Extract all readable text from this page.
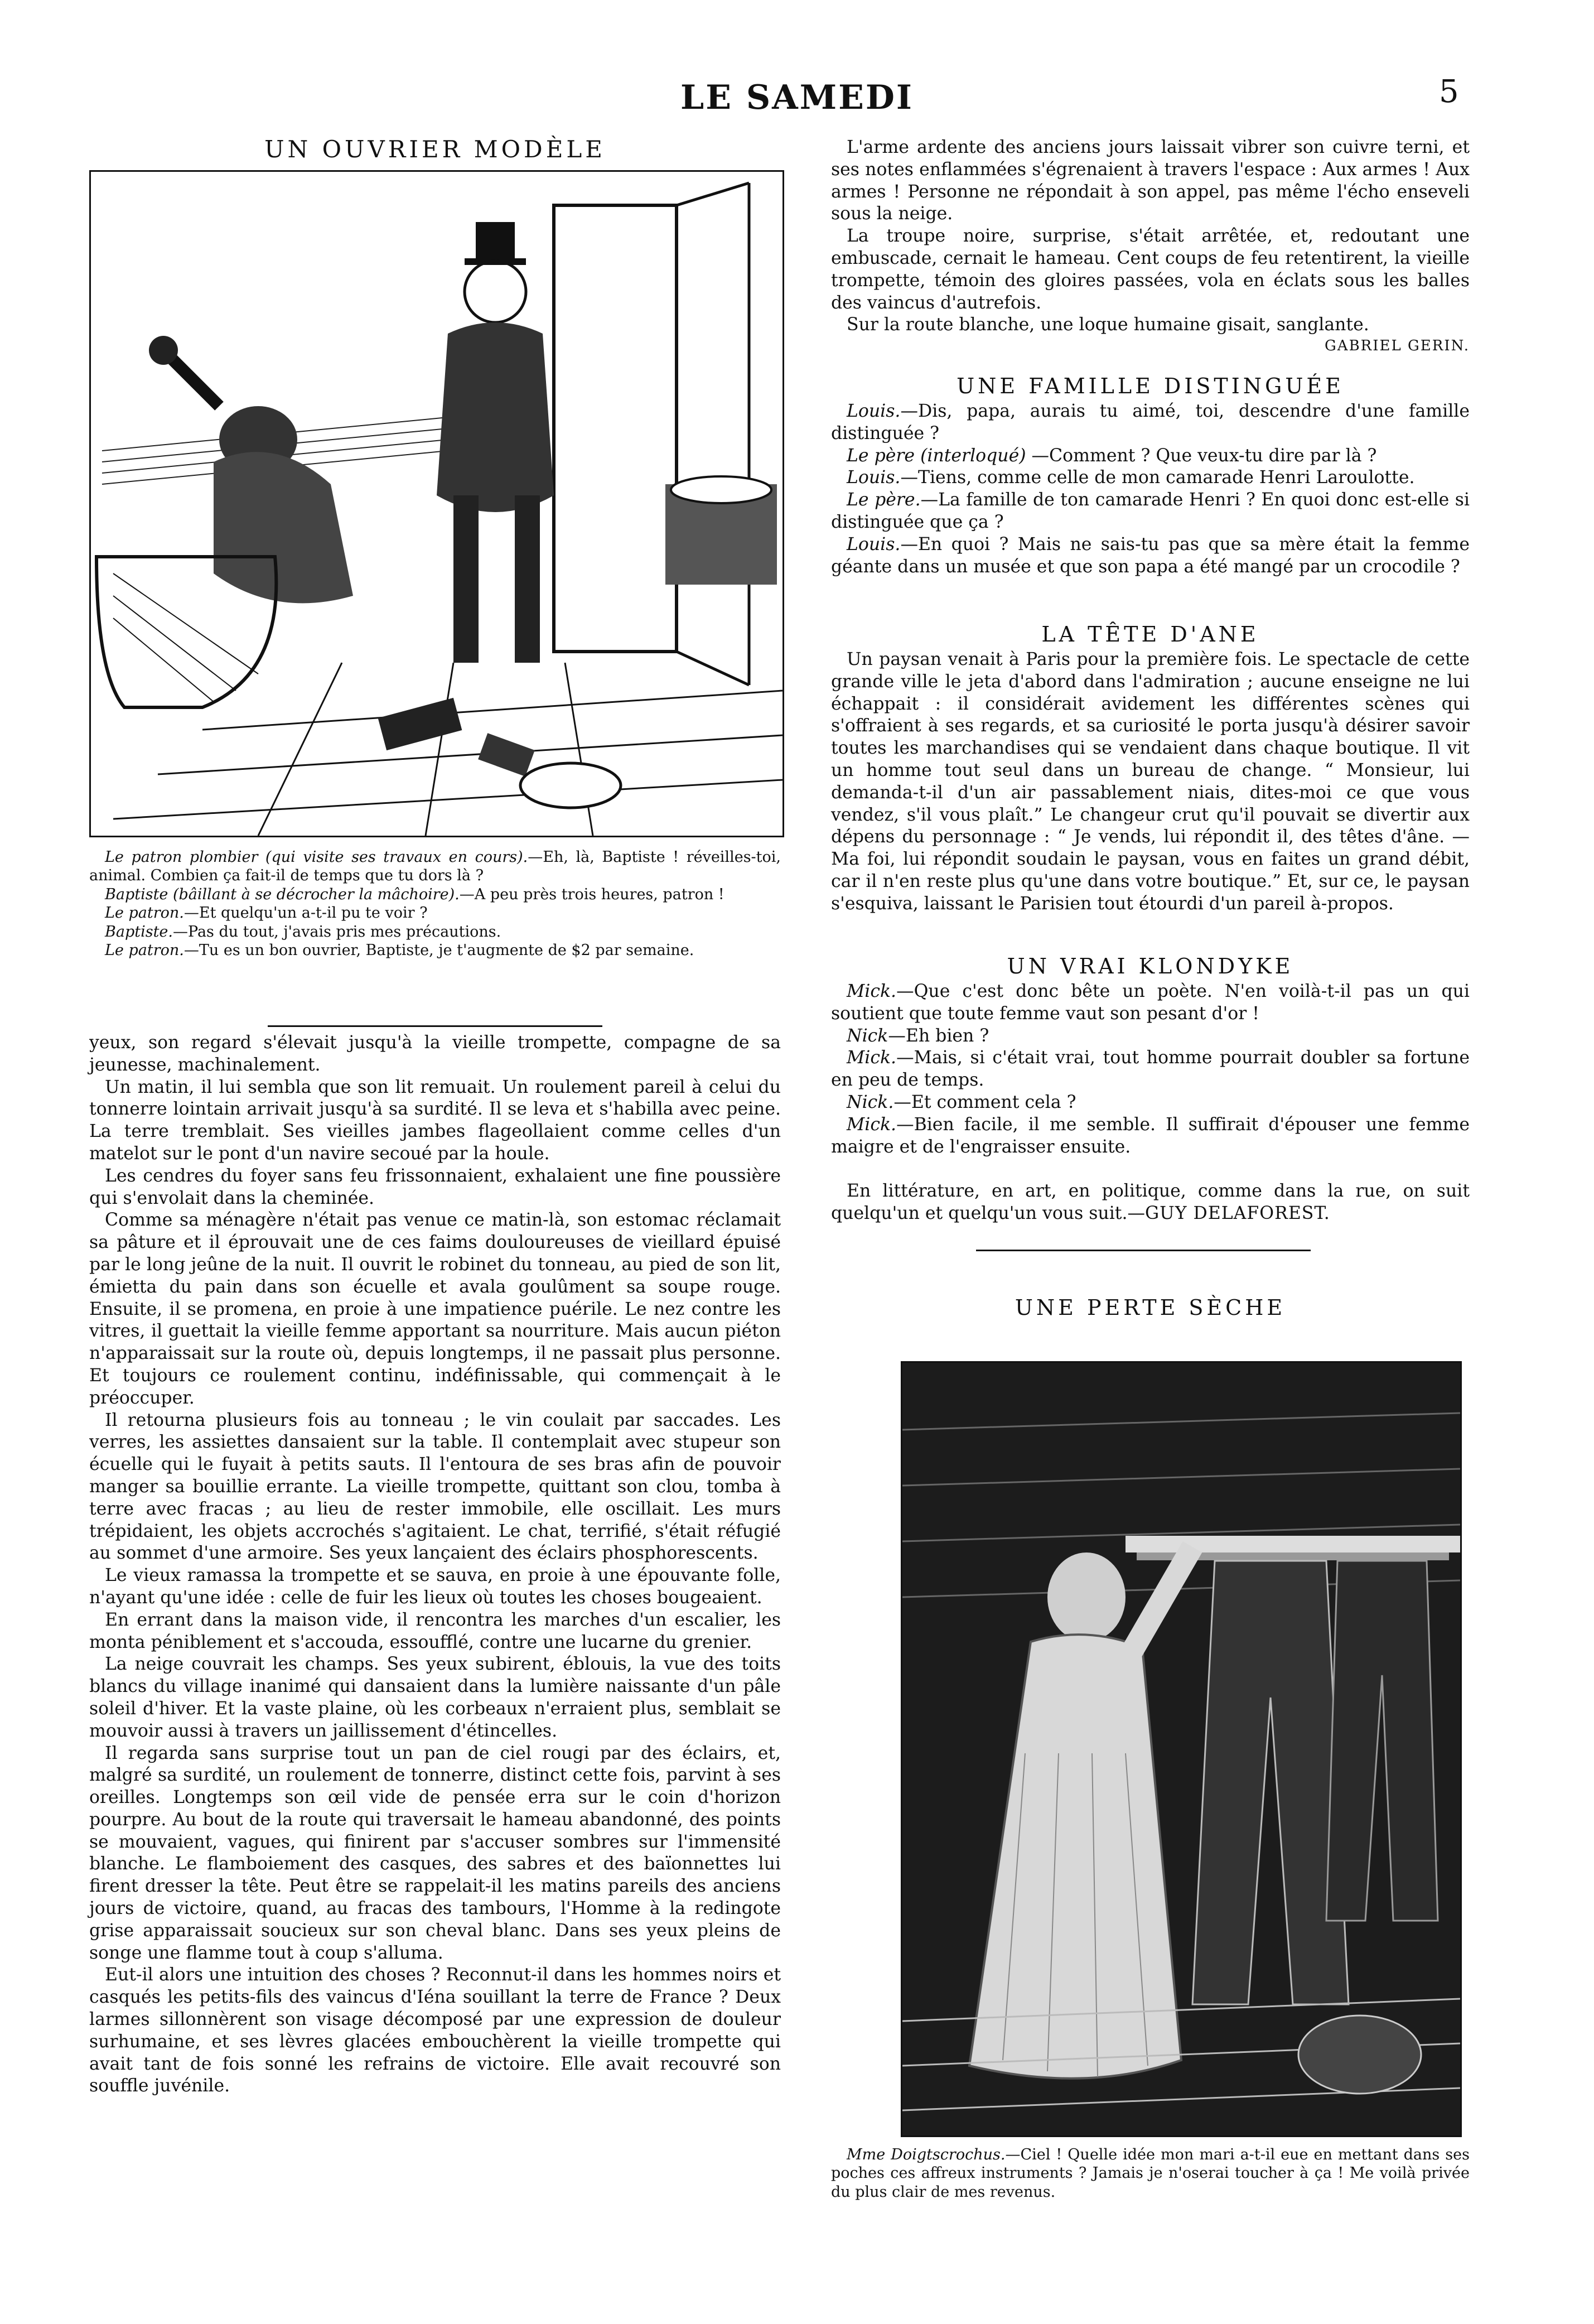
LE SAMEDI	5
UN OUVRIER MODÈLE

Le patron plombier (qui visite ses travaux en cours).—Eh, là, Baptiste ! réveilles-toi, animal. Combien ça fait-il de temps que tu dors là ?

Baptiste (bâillant à se décrocher la mâchoire).—A peu près trois heures, patron !

Le patron.—Et quelqu'un a-t-il pu te voir ?

Baptiste.—Pas du tout, j'avais pris mes précautions.

Le patron.—Tu es un bon ouvrier, Baptiste, je t'augmente de $2 par semaine.

yeux, son regard s'élevait jusqu'à la vieille trompette, compagne de sa jeunesse, machinalement.

Un matin, il lui sembla que son lit remuait. Un roulement pareil à celui du tonnerre lointain arrivait jusqu'à sa surdité. Il se leva et s'habilla avec peine. La terre tremblait. Ses vieilles jambes flageollaient comme celles d'un matelot sur le pont d'un navire secoué par la houle.

Les cendres du foyer sans feu frissonnaient, exhalaient une fine poussière qui s'envolait dans la cheminée.

Comme sa ménagère n'était pas venue ce matin-là, son estomac réclamait sa pâture et il éprouvait une de ces faims douloureuses de vieillard épuisé par le long jeûne de la nuit. Il ouvrit le robinet du tonneau, au pied de son lit, émietta du pain dans son écuelle et avala goulûment sa soupe rouge. Ensuite, il se promena, en proie à une impatience puérile. Le nez contre les vitres, il guettait la vieille femme apportant sa nourriture. Mais aucun piéton n'apparaissait sur la route où, depuis longtemps, il ne passait plus personne. Et toujours ce roulement continu, indéfinissable, qui commençait à le préoccuper.

Il retourna plusieurs fois au tonneau ; le vin coulait par saccades. Les verres, les assiettes dansaient sur la table. Il contemplait avec stupeur son écuelle qui le fuyait à petits sauts. Il l'entoura de ses bras afin de pouvoir manger sa bouillie errante. La vieille trompette, quittant son clou, tomba à terre avec fracas ; au lieu de rester immobile, elle oscillait. Les murs trépidaient, les objets accrochés s'agitaient. Le chat, terrifié, s'était réfugié au sommet d'une armoire. Ses yeux lançaient des éclairs phosphorescents.

Le vieux ramassa la trompette et se sauva, en proie à une épouvante folle, n'ayant qu'une idée : celle de fuir les lieux où toutes les choses bougeaient.

En errant dans la maison vide, il rencontra les marches d'un escalier, les monta péniblement et s'accouda, essoufflé, contre une lucarne du grenier.

La neige couvrait les champs. Ses yeux subirent, éblouis, la vue des toits blancs du village inanimé qui dansaient dans la lumière naissante d'un pâle soleil d'hiver. Et la vaste plaine, où les corbeaux n'erraient plus, semblait se mouvoir aussi à travers un jaillissement d'étincelles.

Il regarda sans surprise tout un pan de ciel rougi par des éclairs, et, malgré sa surdité, un roulement de tonnerre, distinct cette fois, parvint à ses oreilles. Longtemps son œil vide de pensée erra sur le coin d'horizon pourpre. Au bout de la route qui traversait le hameau abandonné, des points se mouvaient, vagues, qui finirent par s'accuser sombres sur l'immensité blanche. Le flamboiement des casques, des sabres et des baïonnettes lui firent dresser la tête. Peut être se rappelait-il les matins pareils des anciens jours de victoire, quand, au fracas des tambours, l'Homme à la redingote grise apparaissait soucieux sur son cheval blanc. Dans ses yeux pleins de songe une flamme tout à coup s'alluma.

Eut-il alors une intuition des choses ? Reconnut-il dans les hommes noirs et casqués les petits-fils des vaincus d'Iéna souillant la terre de France ? Deux larmes sillonnèrent son visage décomposé par une expression de douleur surhumaine, et ses lèvres glacées embouchèrent la vieille trompette qui avait tant de fois sonné les refrains de victoire. Elle avait recouvré son souffle juvénile.

L'arme ardente des anciens jours laissait vibrer son cuivre terni, et ses notes enflammées s'égrenaient à travers l'espace : Aux armes ! Aux armes ! Personne ne répondait à son appel, pas même l'écho enseveli sous la neige.

La troupe noire, surprise, s'était arrêtée, et, redoutant une embuscade, cernait le hameau. Cent coups de feu retentirent, la vieille trompette, témoin des gloires passées, vola en éclats sous les balles des vaincus d'autrefois.

Sur la route blanche, une loque humaine gisait, sanglante.

GABRIEL GERIN.
UNE FAMILLE DISTINGUÉE

Louis.—Dis, papa, aurais tu aimé, toi, descendre d'une famille distinguée ?

Le père (interloqué) —Comment ? Que veux-tu dire par là ?

Louis.—Tiens, comme celle de mon camarade Henri Laroulotte.

Le père.—La famille de ton camarade Henri ? En quoi donc est-elle si distinguée que ça ?

Louis.—En quoi ? Mais ne sais-tu pas que sa mère était la femme géante dans un musée et que son papa a été mangé par un crocodile ?

LA TÊTE D'ANE

Un paysan venait à Paris pour la première fois. Le spectacle de cette grande ville le jeta d'abord dans l'admiration ; aucune enseigne ne lui échappait : il considérait avidement les différentes scènes qui s'offraient à ses regards, et sa curiosité le porta jusqu'à désirer savoir toutes les marchandises qui se vendaient dans chaque boutique. Il vit un homme tout seul dans un bureau de change. “ Monsieur, lui demanda-t-il d'un air passablement niais, dites-moi ce que vous vendez, s'il vous plaît.” Le changeur crut qu'il pouvait se divertir aux dépens du personnage : “ Je vends, lui répondit il, des têtes d'âne. — Ma foi, lui répondit soudain le paysan, vous en faites un grand débit, car il n'en reste plus qu'une dans votre boutique.” Et, sur ce, le paysan s'esquiva, laissant le Parisien tout étourdi d'un pareil à-propos.

UN VRAI KLONDYKE

Mick.—Que c'est donc bête un poète. N'en voilà-t-il pas un qui soutient que toute femme vaut son pesant d'or !

Nick—Eh bien ?

Mick.—Mais, si c'était vrai, tout homme pourrait doubler sa fortune en peu de temps.

Nick.—Et comment cela ?

Mick.—Bien facile, il me semble. Il suffirait d'épouser une femme maigre et de l'engraisser ensuite.

En littérature, en art, en politique, comme dans la rue, on suit quelqu'un et quelqu'un vous suit.—GUY DELAFOREST.

UNE PERTE SÈCHE

Mme Doigtscrochus.—Ciel ! Quelle idée mon mari a-t-il eue en mettant dans ses poches ces affreux instruments ? Jamais je n'oserai toucher à ça ! Me voilà privée du plus clair de mes revenus.
